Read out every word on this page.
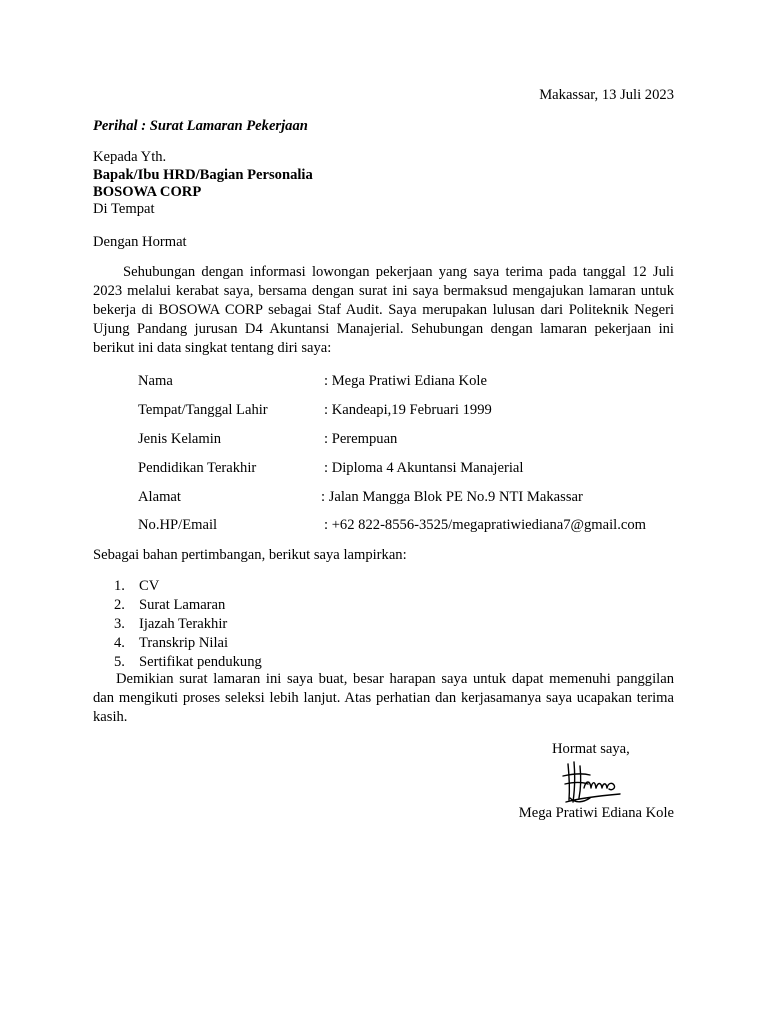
Makassar, 13 Juli 2023
Perihal : Surat Lamaran Pekerjaan
Kepada Yth.
Bapak/Ibu HRD/Bagian Personalia
BOSOWA CORP
Di Tempat
Dengan Hormat
Sehubungan dengan informasi lowongan pekerjaan yang saya terima pada tanggal 12 Juli 2023 melalui kerabat saya, bersama dengan surat ini saya bermaksud mengajukan lamaran untuk bekerja di BOSOWA CORP sebagai Staf Audit. Saya merupakan lulusan dari Politeknik Negeri Ujung Pandang jurusan D4 Akuntansi Manajerial. Sehubungan dengan lamaran pekerjaan ini berikut ini data singkat tentang diri saya:
Nama	: Mega Pratiwi Ediana Kole
Tempat/Tanggal Lahir	: Kandeapi,19 Februari 1999
Jenis Kelamin	: Perempuan
Pendidikan Terakhir	: Diploma 4 Akuntansi Manajerial
Alamat	: Jalan Mangga Blok PE No.9 NTI Makassar
No.HP/Email	: +62 822-8556-3525/megapratiwiediana7@gmail.com
Sebagai bahan pertimbangan, berikut saya lampirkan:
1. CV
2. Surat Lamaran
3. Ijazah Terakhir
4. Transkrip Nilai
5. Sertifikat pendukung
Demikian surat lamaran ini saya buat, besar harapan saya untuk dapat memenuhi panggilan dan mengikuti proses seleksi lebih lanjut. Atas perhatian dan kerjasamanya saya ucapakan terima kasih.
Hormat saya,
Mega Pratiwi Ediana Kole
